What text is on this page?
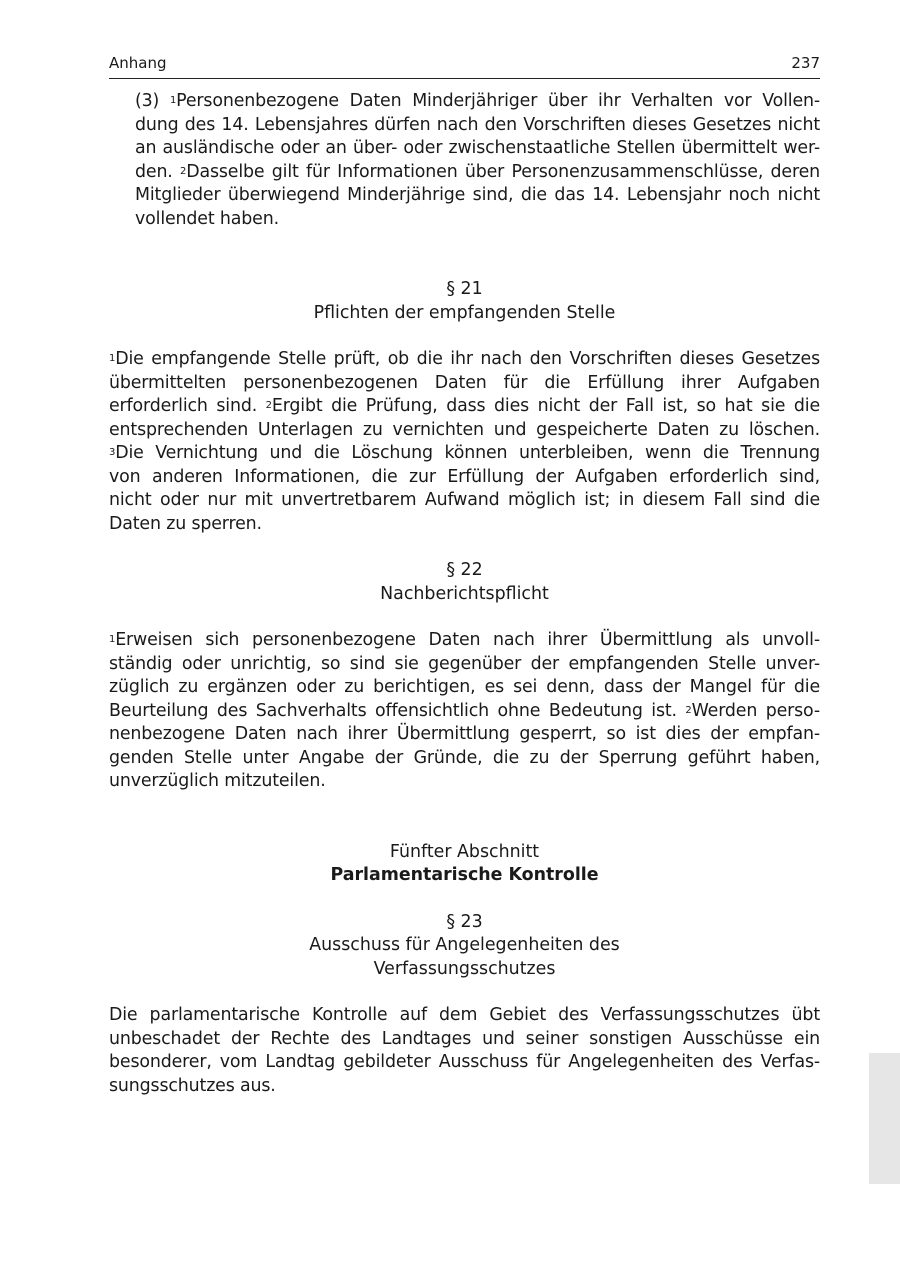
Anhang	237
(3) $^1$Personenbezogene Daten Minderjähriger über ihr Verhalten vor Vollen-
dung des 14. Lebensjahres dürfen nach den Vorschriften dieses Gesetzes nicht
an ausländische oder an über- oder zwischenstaatliche Stellen übermittelt wer-
den. $^2$Dasselbe gilt für Informationen über Personenzusammenschlüsse, deren
Mitglieder überwiegend Minderjährige sind, die das 14. Lebensjahr noch nicht
vollendet haben.

§ 21

Pflichten der empfangenden Stelle

$^1$Die empfangende Stelle prüft, ob die ihr nach den Vorschriften dieses Gesetzes
übermittelten personenbezogenen Daten für die Erfüllung ihrer Aufgaben
erforderlich sind. $^2$Ergibt die Prüfung, dass dies nicht der Fall ist, so hat sie die
entsprechenden Unterlagen zu vernichten und gespeicherte Daten zu löschen.
$^3$Die Vernichtung und die Löschung können unterbleiben, wenn die Trennung
von anderen Informationen, die zur Erfüllung der Aufgaben erforderlich sind,
nicht oder nur mit unvertretbarem Aufwand möglich ist; in diesem Fall sind die
Daten zu sperren.

§ 22

Nachberichtspflicht

$^1$Erweisen sich personenbezogene Daten nach ihrer Übermittlung als unvoll-
ständig oder unrichtig, so sind sie gegenüber der empfangenden Stelle unver-
züglich zu ergänzen oder zu berichtigen, es sei denn, dass der Mangel für die
Beurteilung des Sachverhalts offensichtlich ohne Bedeutung ist. $^2$Werden perso-
nenbezogene Daten nach ihrer Übermittlung gesperrt, so ist dies der empfan-
genden Stelle unter Angabe der Gründe, die zu der Sperrung geführt haben,
unverzüglich mitzuteilen.

Fünfter Abschnitt

Parlamentarische Kontrolle

§ 23

Ausschuss für Angelegenheiten des

Verfassungsschutzes

Die parlamentarische Kontrolle auf dem Gebiet des Verfassungsschutzes übt
unbeschadet der Rechte des Landtages und seiner sonstigen Ausschüsse ein
besonderer, vom Landtag gebildeter Ausschuss für Angelegenheiten des Verfas-
sungsschutzes aus.
